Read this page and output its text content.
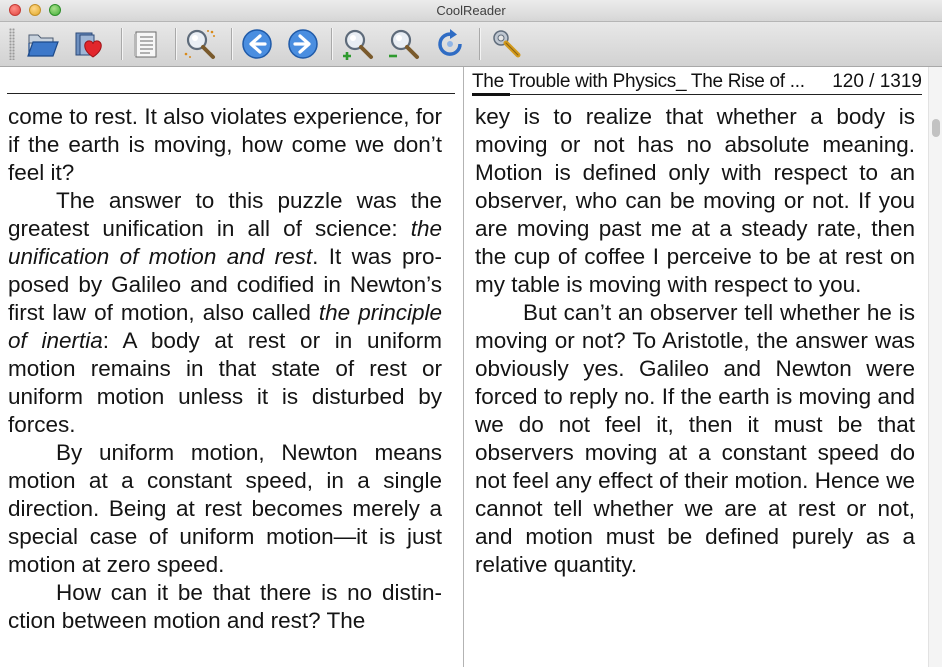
CoolReader

come to rest. It also violates experience, for if the earth is moving, how come we don’t feel it?

The answer to this puzzle was the greatest unification in all of science: the unification of motion and rest. It was proposed by Galileo and codified in Newton’s first law of motion, also called the principle of inertia: A body at rest or in uniform motion remains in that state of rest or uniform motion unless it is disturbed by forces.

By uniform motion, Newton means motion at a constant speed, in a single direction. Being at rest becomes merely a special case of uniform motion—it is just motion at zero speed.

How can it be that there is no distinction between motion and rest? The

The Trouble with Physics_ The Rise of ... 120 / 1319

key is to realize that whether a body is moving or not has no absolute meaning. Motion is defined only with respect to an observer, who can be moving or not. If you are moving past me at a steady rate, then the cup of coffee I perceive to be at rest on my table is moving with respect to you.

But can’t an observer tell whether he is moving or not? To Aristotle, the answer was obviously yes. Galileo and Newton were forced to reply no. If the earth is moving and we do not feel it, then it must be that observers moving at a constant speed do not feel any effect of their motion. Hence we cannot tell whether we are at rest or not, and motion must be defined purely as a relative quantity.
